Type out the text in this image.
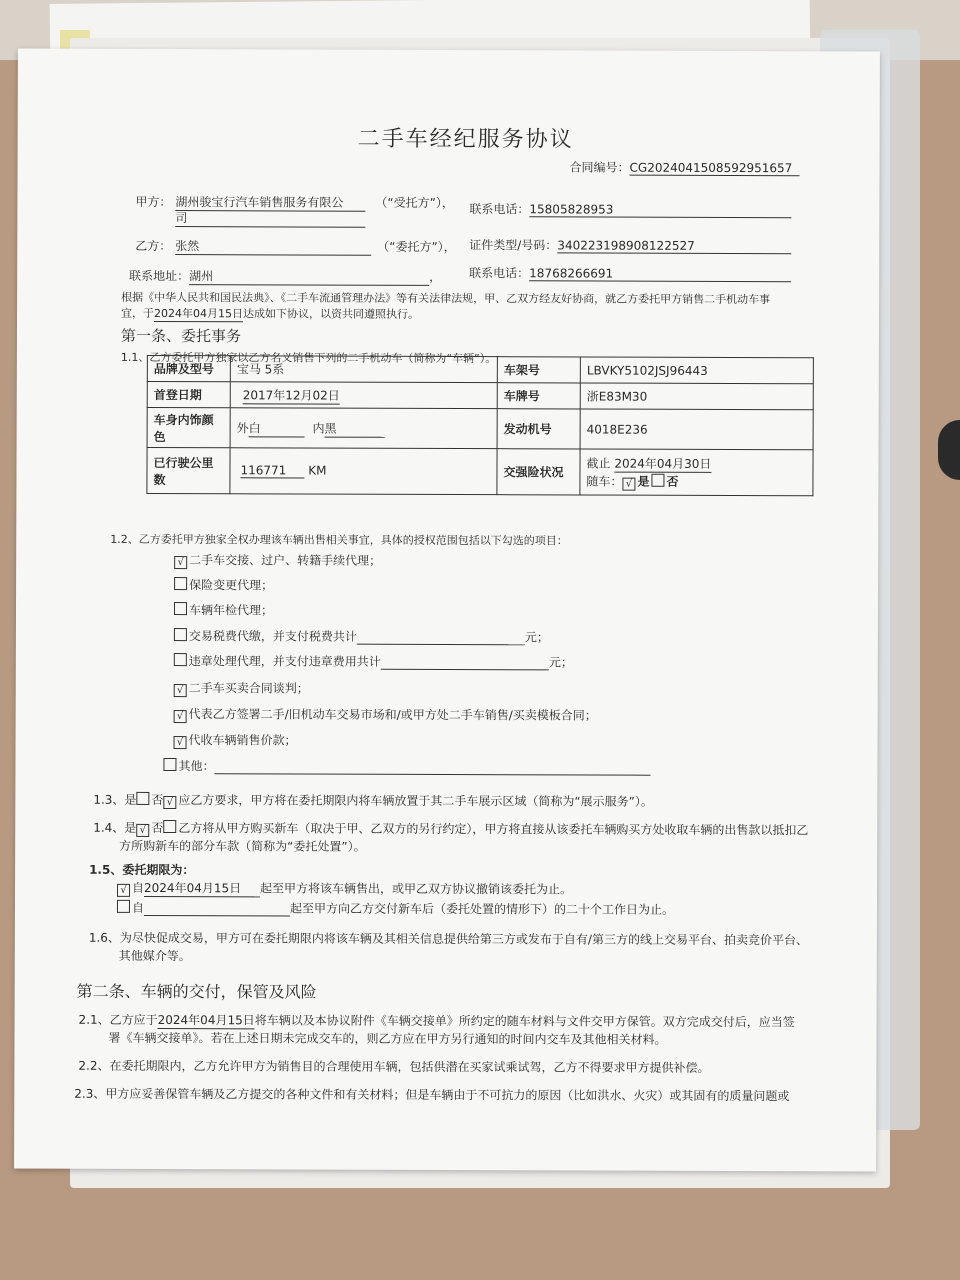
二手车经纪服务协议
合同编号：CG2024041508592951657
甲方： 湖州骏宝行汽车销售服务有限公
司
（“受托方”）， 联系电话：15805828953
乙方： 张然	（“委托方”）， 证件类型/号码：340223198908122527
联系地址：湖州	， 联系电话：18768266691
根据《中华人民共和国民法典》、《二手车流通管理办法》等有关法律法规，甲、乙双方经友好协商，就乙方委托甲方销售二手机动车事
宜，于2024年04月15日达成如下协议，以资共同遵照执行。
第一条、委托事务
1.1、乙方委托甲方独家以乙方名义销售下列的二手机动车（简称为“车辆”）。
品牌及型号	宝马 5系	车架号	LBVKY5102JSJ96443
首登日期	2017年12月02日	车牌号	浙E83M30
车身内饰颜色	外白 内黑	发动机号	4018E236
已行驶公里数	116771 KM	交强险状况	截止 2024年04月30日
随车： √ 是 否
1.2、乙方委托甲方独家全权办理该车辆出售相关事宜，具体的授权范围包括以下勾选的项目：
√ 二手车交接、过户、转籍手续代理；
保险变更代理；
车辆年检代理；
交易税费代缴，并支付税费共计	元；
违章处理代理，并支付违章费用共计	元；
√ 二手车买卖合同谈判；
√ 代表乙方签署二手/旧机动车交易市场和/或甲方处二手车销售/买卖模板合同；
√ 代收车辆销售价款；
其他：
1.3、是 否 √ 应乙方要求，甲方将在委托期限内将车辆放置于其二手车展示区域（简称为“展示服务”）。
1.4、是 √ 否 乙方将从甲方购买新车（取决于甲、乙双方的另行约定），甲方将直接从该委托车辆购买方处收取车辆的出售款以抵扣乙
方所购新车的部分车款（简称为“委托处置”）。
1.5、委托期限为：
√ 自2024年04月15日 起至甲方将该车辆售出，或甲乙双方协议撤销该委托为止。
自	起至甲方向乙方交付新车后（委托处置的情形下）的二十个工作日为止。
1.6、为尽快促成交易，甲方可在委托期限内将该车辆及其相关信息提供给第三方或发布于自有/第三方的线上交易平台、拍卖竞价平台、
其他媒介等。
第二条、车辆的交付，保管及风险
2.1、乙方应于2024年04月15日将车辆以及本协议附件《车辆交接单》所约定的随车材料与文件交甲方保管。双方完成交付后，应当签
署《车辆交接单》。若在上述日期未完成交车的，则乙方应在甲方另行通知的时间内交车及其他相关材料。
2.2、在委托期限内，乙方允许甲方为销售目的合理使用车辆，包括供潜在买家试乘试驾，乙方不得要求甲方提供补偿。
2.3、甲方应妥善保管车辆及乙方提交的各种文件和有关材料；但是车辆由于不可抗力的原因（比如洪水、火灾）或其固有的质量问题或
